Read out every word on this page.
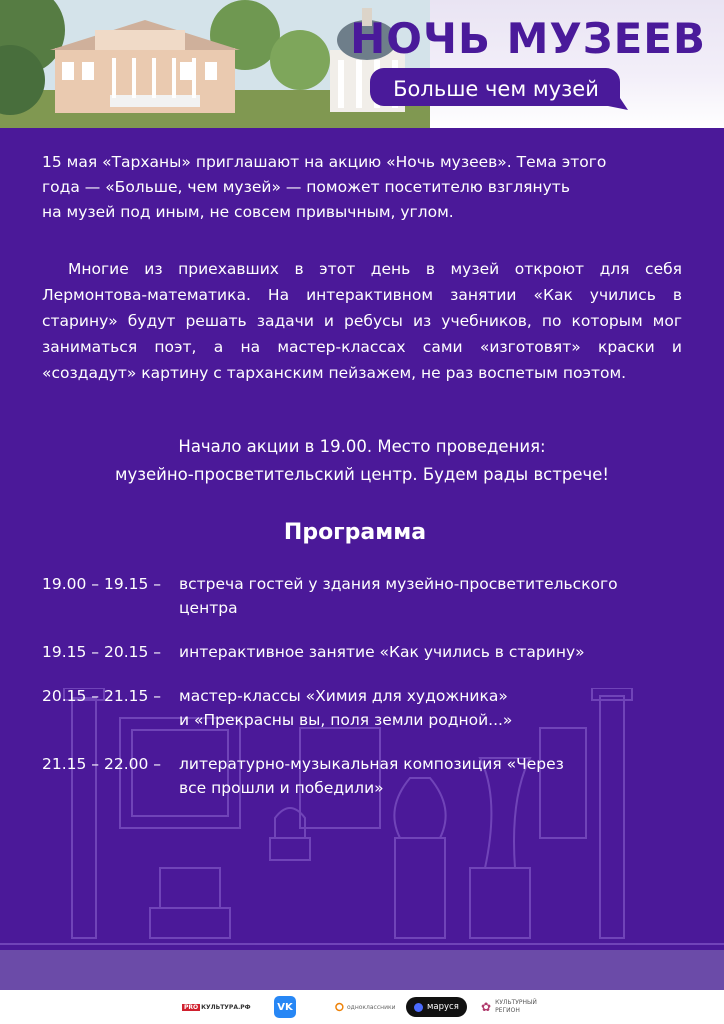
НОЧЬ МУЗЕЕВ
Больше чем музей
15 мая «Тарханы» приглашают на акцию «Ночь музеев». Тема этого
года — «Больше, чем музей» — поможет посетителю взглянуть
на музей под иным, не совсем привычным, углом.
Многие из приехавших в этот день в музей откроют для себя Лермонтова-математика. На интерактивном занятии «Как учились в старину» будут решать задачи и ребусы из учебников, по которым мог заниматься поэт, а на мастер-классах сами «изготовят» краски и «создадут» картину с тарханским пейзажем, не раз воспетым поэтом.
Начало акции в 19.00. Место проведения:
музейно-просветительский центр. Будем рады встрече!
Программа
19.00 – 19.15 –	встреча гостей у здания музейно-просветительского
центра
19.15 – 20.15 –	интерактивное занятие «Как учились в старину»
20.15 – 21.15 –	мастер-классы «Химия для художника»
и «Прекрасны вы, поля земли родной...»
21.15 – 22.00 –	литературно-музыкальная композиция «Через
все прошли и победили»
PRO КУЛЬТУРА.РФ	VK	⭘ одноклассники	маруся ✿ КУЛЬТУРНЫЙ
РЕГИОН
